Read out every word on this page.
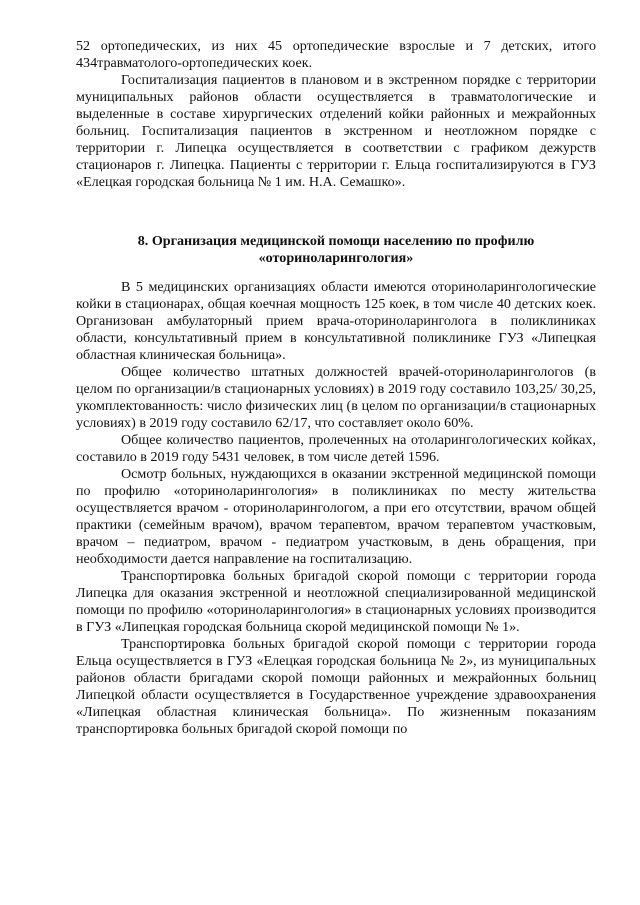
52 ортопедических, из них 45 ортопедические взрослые и 7 детских, итого 434травматолого-ортопедических коек.

Госпитализация пациентов в плановом и в экстренном порядке с территории муниципальных районов области осуществляется в травматологические и выделенные в составе хирургических отделений койки районных и межрайонных больниц. Госпитализация пациентов в экстренном и неотложном порядке с территории г. Липецка осуществляется в соответствии с графиком дежурств стационаров г. Липецка. Пациенты с территории г. Ельца госпитализируются в ГУЗ «Елецкая городская больница № 1 им. Н.А. Семашко».

8. Организация медицинской помощи населению по профилю «оториноларингология»

В 5 медицинских организациях области имеются оториноларингологические койки в стационарах, общая коечная мощность 125 коек, в том числе 40 детских коек. Организован амбулаторный прием врача-оториноларинголога в поликлиниках области, консультативный прием в консультативной поликлинике ГУЗ «Липецкая областная клиническая больница».

Общее количество штатных должностей врачей-оториноларингологов (в целом по организации/в стационарных условиях) в 2019 году составило 103,25/ 30,25, укомплектованность: число физических лиц (в целом по организации/в стационарных условиях) в 2019 году составило 62/17, что составляет около 60%.

Общее количество пациентов, пролеченных на отоларингологических койках, составило в 2019 году 5431 человек, в том числе детей 1596.

Осмотр больных, нуждающихся в оказании экстренной медицинской помощи по профилю «оториноларингология» в поликлиниках по месту жительства осуществляется врачом - оториноларингологом, а при его отсутствии, врачом общей практики (семейным врачом), врачом терапевтом, врачом терапевтом участковым, врачом – педиатром, врачом - педиатром участковым, в день обращения, при необходимости дается направление на госпитализацию.

Транспортировка больных бригадой скорой помощи с территории города Липецка для оказания экстренной и неотложной специализированной медицинской помощи по профилю «оториноларингология» в стационарных условиях производится в ГУЗ «Липецкая городская больница скорой медицинской помощи № 1».

Транспортировка больных бригадой скорой помощи с территории города Ельца осуществляется в ГУЗ «Елецкая городская больница № 2», из муниципальных районов области бригадами скорой помощи районных и межрайонных больниц Липецкой области осуществляется в Государственное учреждение здравоохранения «Липецкая областная клиническая больница». По жизненным показаниям транспортировка больных бригадой скорой помощи по
